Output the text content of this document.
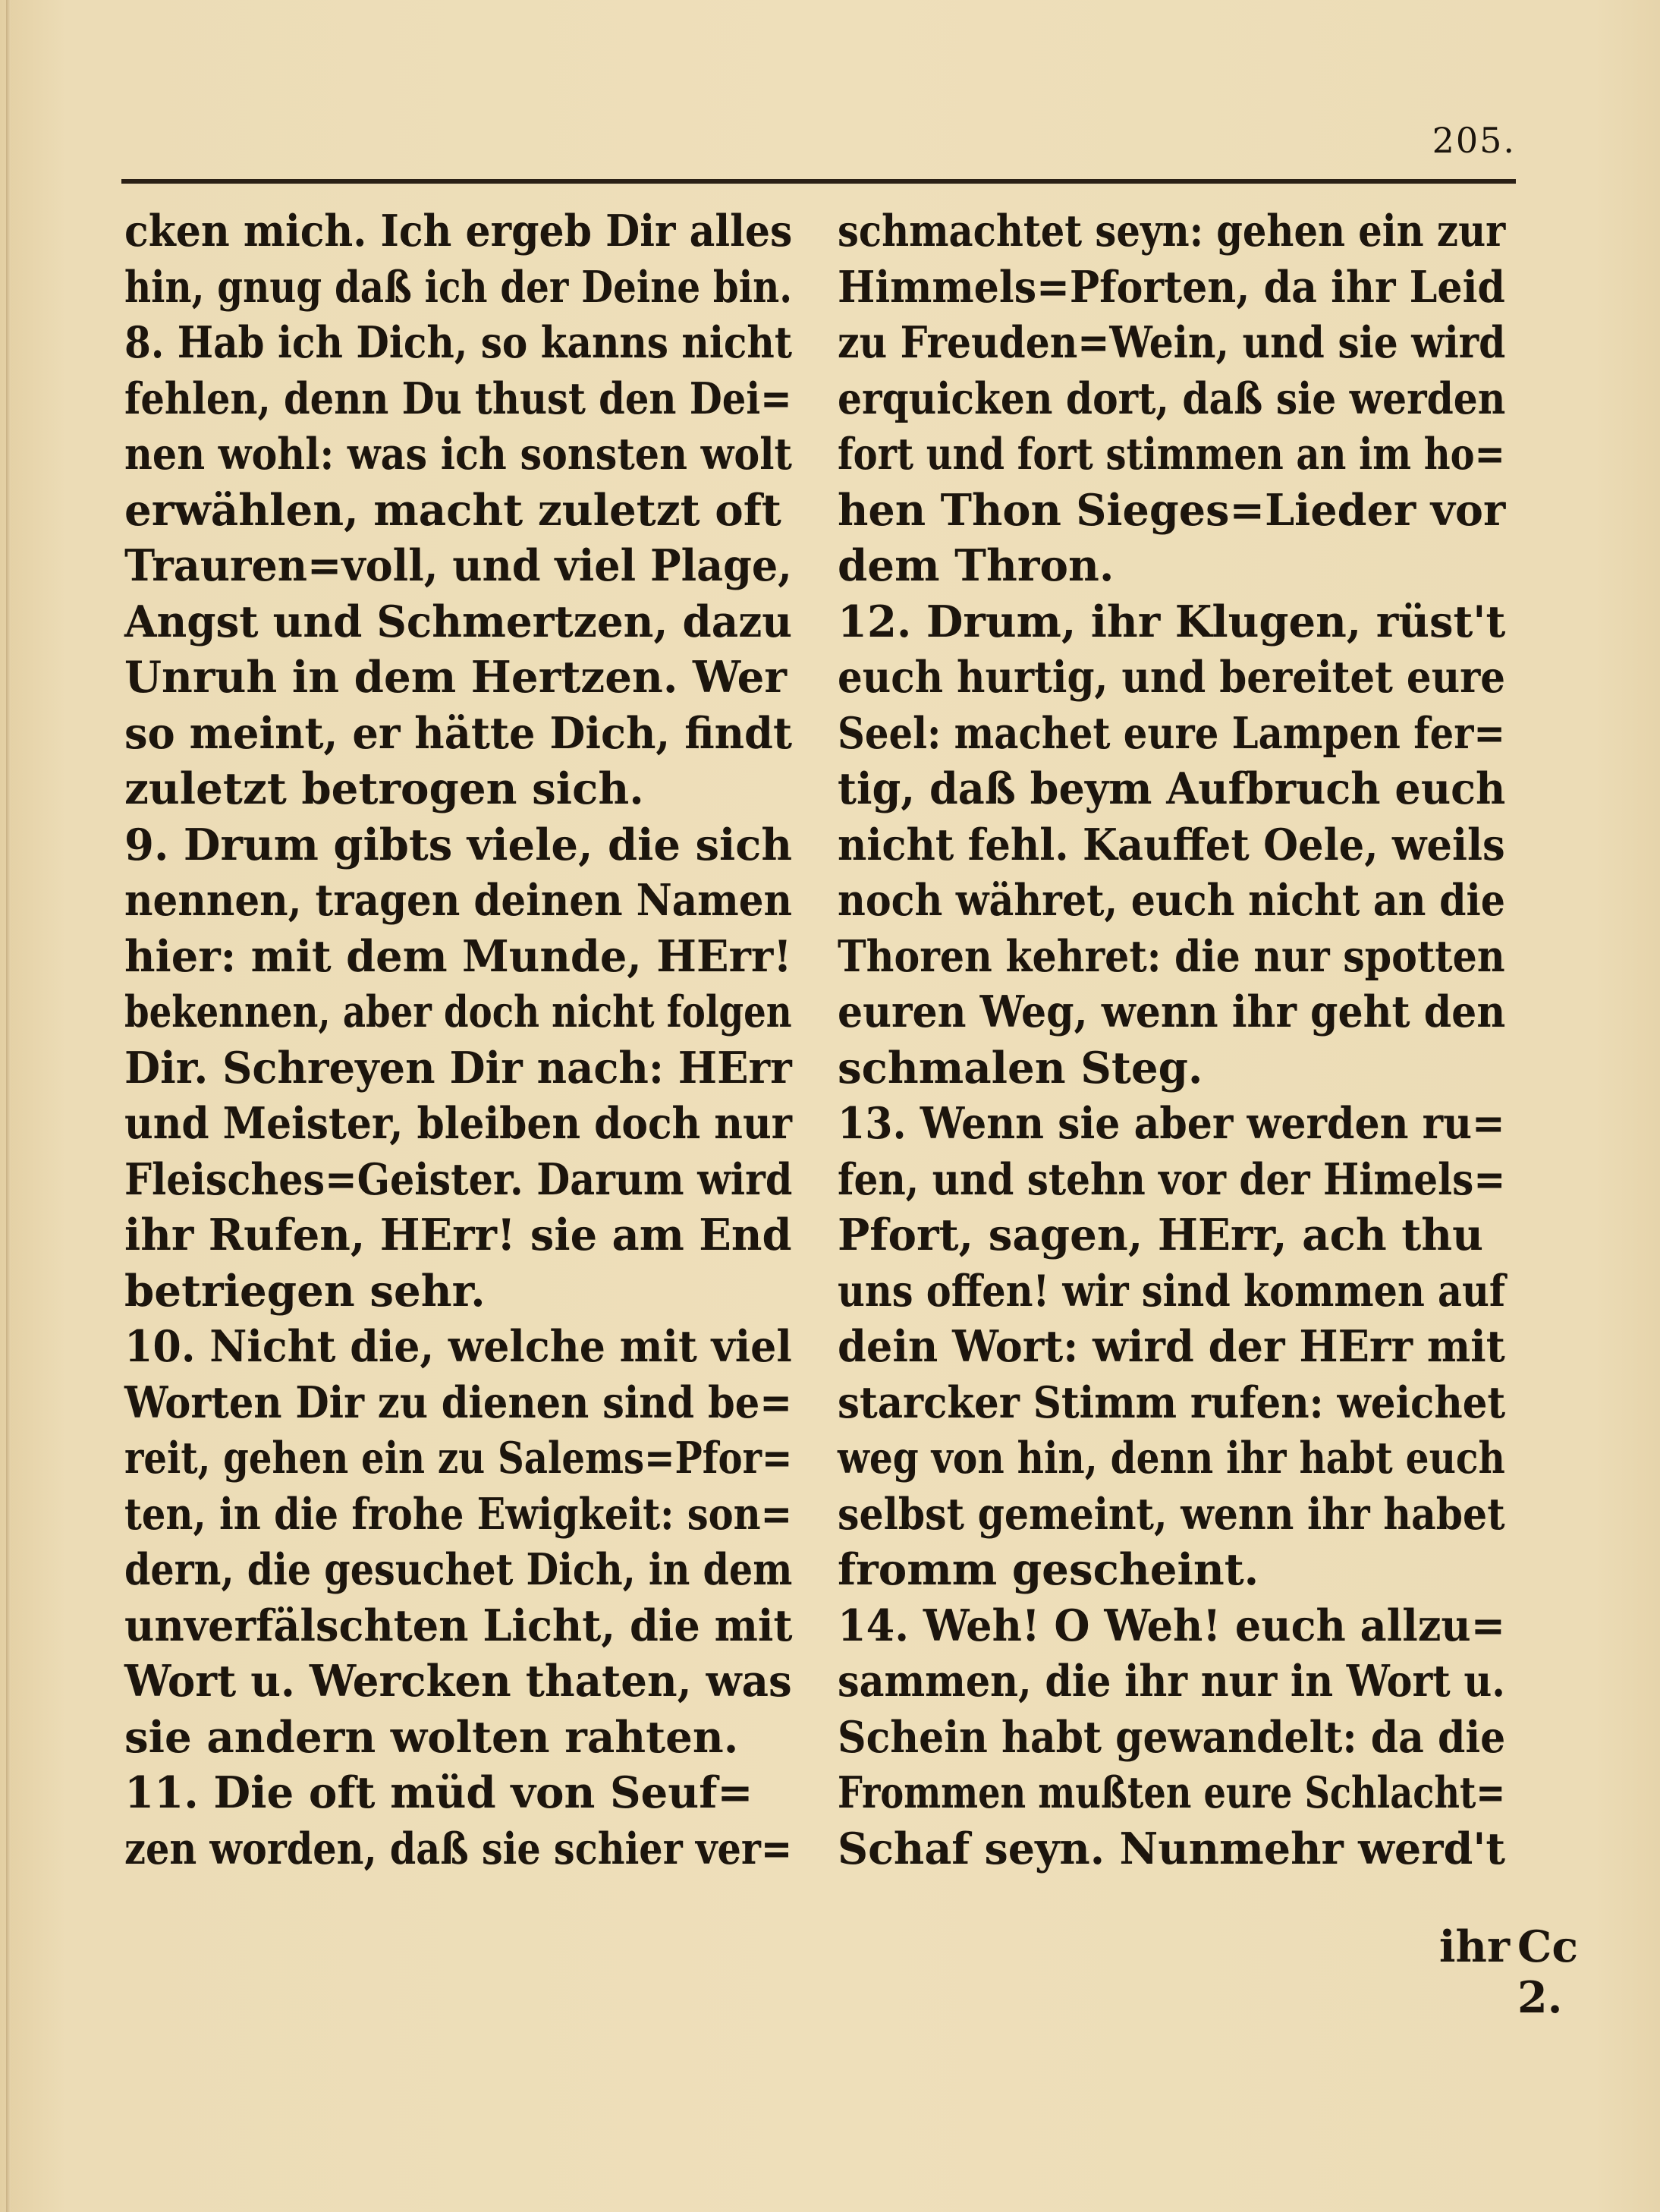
205.
cken mich. Ich ergeb Dir alles
hin, gnug daß ich der Deine bin.
8. Hab ich Dich, so kanns nicht
fehlen, denn Du thust den Dei=
nen wohl: was ich sonsten wolt
erwählen, macht zuletzt oft
Trauren=voll, und viel Plage,
Angst und Schmertzen, dazu
Unruh in dem Hertzen. Wer
so meint, er hätte Dich, findt
zuletzt betrogen sich.
9. Drum gibts viele, die sich
nennen, tragen deinen Namen
hier: mit dem Munde, HErr!
bekennen, aber doch nicht folgen
Dir. Schreyen Dir nach: HErr
und Meister, bleiben doch nur
Fleisches=Geister. Darum wird
ihr Rufen, HErr! sie am End
betriegen sehr.
10. Nicht die, welche mit viel
Worten Dir zu dienen sind be=
reit, gehen ein zu Salems=Pfor=
ten, in die frohe Ewigkeit: son=
dern, die gesuchet Dich, in dem
unverfälschten Licht, die mit
Wort u. Wercken thaten, was
sie andern wolten rahten.
11. Die oft müd von Seuf=
zen worden, daß sie schier ver=
schmachtet seyn: gehen ein zur
Himmels=Pforten, da ihr Leid
zu Freuden=Wein, und sie wird
erquicken dort, daß sie werden
fort und fort stimmen an im ho=
hen Thon Sieges=Lieder vor
dem Thron.
12. Drum, ihr Klugen, rüst't
euch hurtig, und bereitet eure
Seel: machet eure Lampen fer=
tig, daß beym Aufbruch euch
nicht fehl. Kauffet Oele, weils
noch währet, euch nicht an die
Thoren kehret: die nur spotten
euren Weg, wenn ihr geht den
schmalen Steg.
13. Wenn sie aber werden ru=
fen, und stehn vor der Himels=
Pfort, sagen, HErr, ach thu
uns offen! wir sind kommen auf
dein Wort: wird der HErr mit
starcker Stimm rufen: weichet
weg von hin, denn ihr habt euch
selbst gemeint, wenn ihr habet
fromm gescheint.
14. Weh! O Weh! euch allzu=
sammen, die ihr nur in Wort u.
Schein habt gewandelt: da die
Frommen mußten eure Schlacht=
Schaf seyn. Nunmehr werd't
Cc 2.
ihr
